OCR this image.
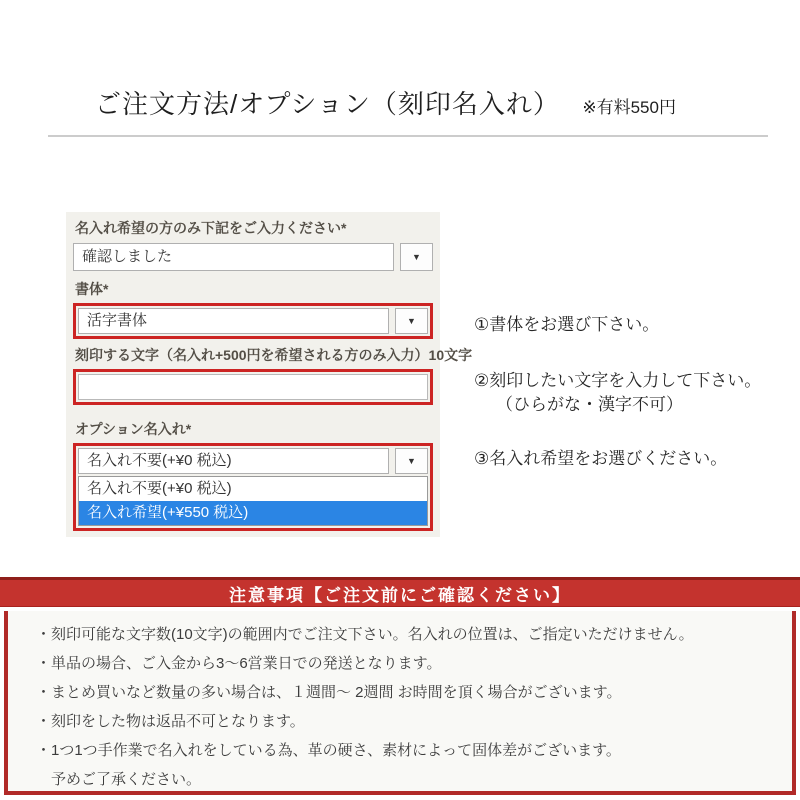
ご注文方法/オプション（刻印名入れ） ※有料550円
名入れ希望の方のみ下記をご入力ください*
確認しました	▼
書体*
活字書体	▼
刻印する文字（名入れ+500円を希望される方のみ入力）10文字
オプション名入れ*
名入れ不要(+¥0 税込)	▼
名入れ不要(+¥0 税込)
名入れ希望(+¥550 税込)
①書体をお選び下さい。
②刻印したい文字を入力して下さい。
（ひらがな・漢字不可）
③名入れ希望をお選びください。
注意事項【ご注文前にご確認ください】
・刻印可能な文字数(10文字)の範囲内でご注文下さい。名入れの位置は、ご指定いただけません。
・単品の場合、ご入金から3～6営業日での発送となります。
・まとめ買いなど数量の多い場合は、１週間～ 2週間 お時間を頂く場合がございます。
・刻印をした物は返品不可となります。
・1つ1つ手作業で名入れをしている為、革の硬さ、素材によって固体差がございます。
　予めご了承ください。
